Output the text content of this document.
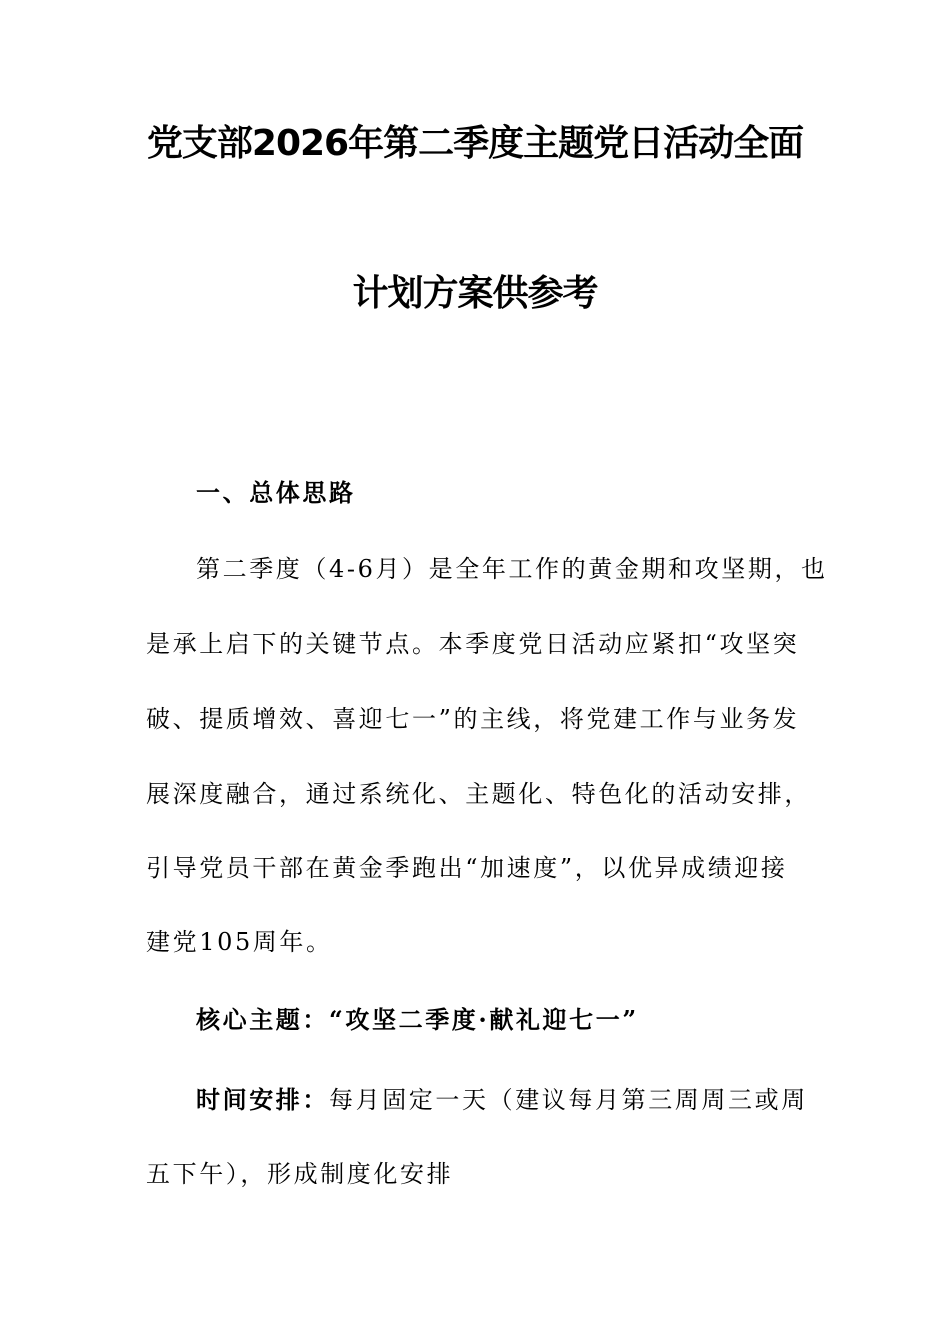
党支部2026年第二季度主题党日活动全面
计划方案供参考
一、总体思路
第二季度（4-6月）是全年工作的黄金期和攻坚期，也
是承上启下的关键节点。本季度党日活动应紧扣“攻坚突
破、提质增效、喜迎七一”的主线，将党建工作与业务发
展深度融合，通过系统化、主题化、特色化的活动安排，
引导党员干部在黄金季跑出“加速度”，以优异成绩迎接
建党105周年。
核心主题：“攻坚二季度·献礼迎七一”
时间安排：每月固定一天（建议每月第三周周三或周
五下午），形成制度化安排
